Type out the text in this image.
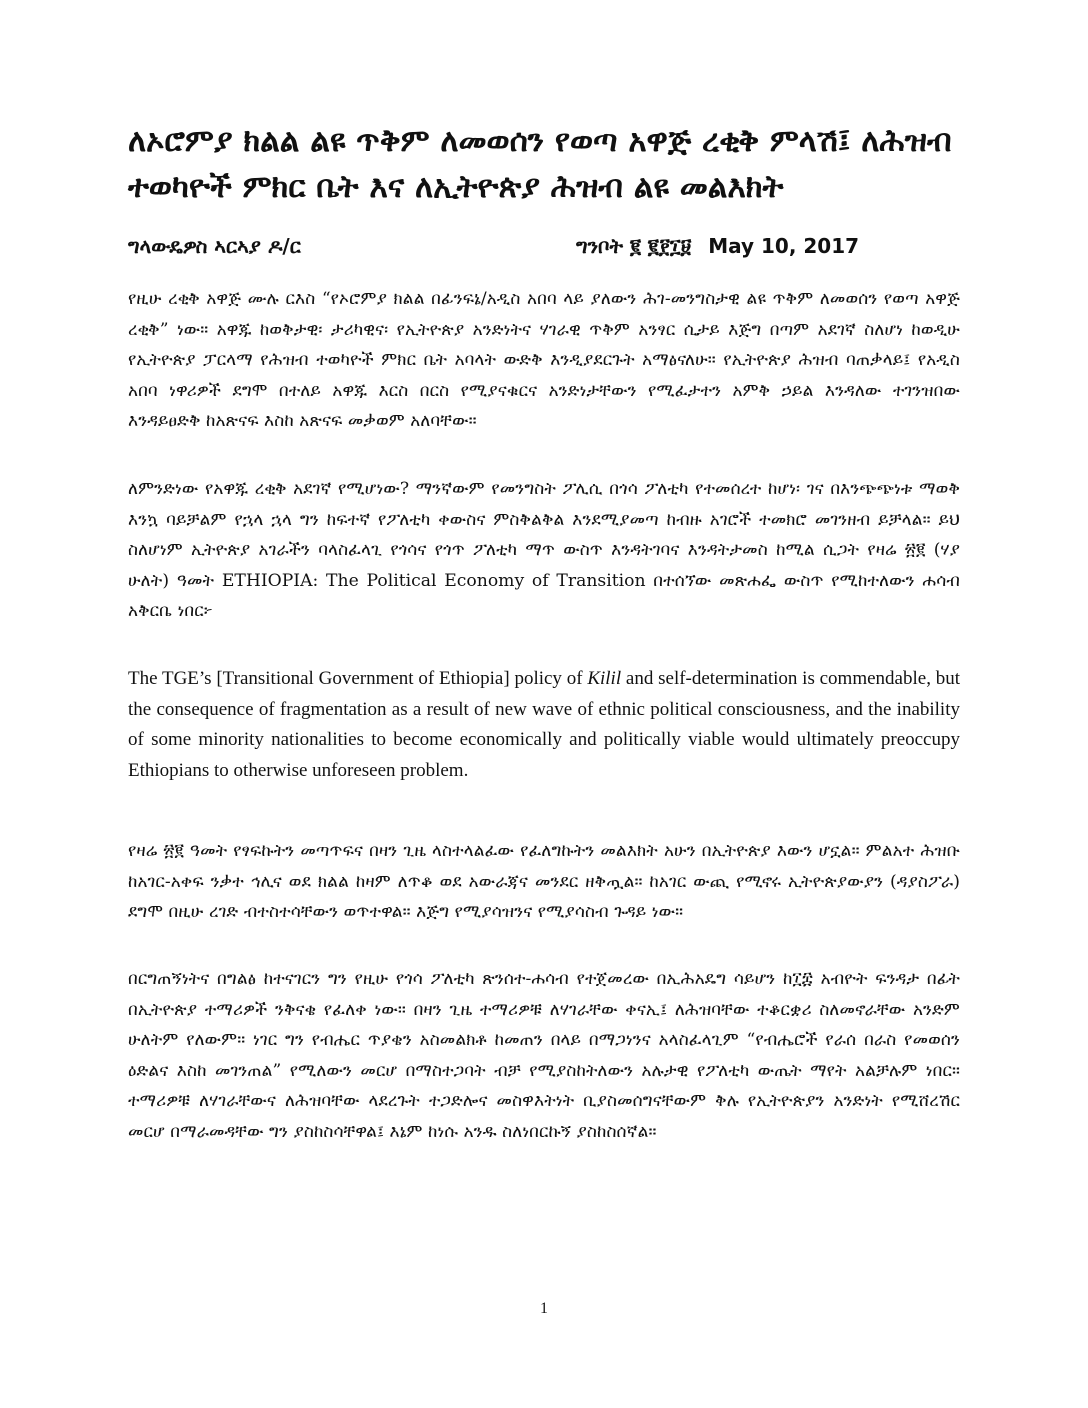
ለኦሮምያ ክልል ልዩ ጥቅም ለመወሰን የወጣ አዋጅ ረቂቅ ምላሽ፤ ለሕዝብ ተወካዮች ምክር ቤት እና ለኢትዮጵያ ሕዝብ ልዩ መልእክት
ግላውዴዎስ ኣርኣያ ዶ/ር	ግንቦት ፪ ፪፻፲፱ May 10, 2017

የዚሁ ረቂቅ አዋጅ ሙሉ ርእስ “የኦሮምያ ክልል በፊንፍኔ/አዲስ አበባ ላይ ያለውን ሕገ-መንግስታዊ ልዩ ጥቅም ለመወሰን የወጣ አዋጅ ረቂቅ” ነው። አዋጁ ከወቅታዊ፡ ታሪካዊና፡ የኢትዮጵያ አንድነትና ሃገራዊ ጥቅም አንፃር ሲታይ እጅግ በጣም አደገኛ ስለሆነ ከወዲሁ የኢትዮጵያ ፓርላማ የሕዝብ ተወካዮች ምክር ቤት አባላት ውድቅ እንዲያደርጉት አማፅናለሁ። የኢትዮጵያ ሕዝብ ባጠቃላይ፤ የአዲስ አበባ ነዋሪዎች ደግሞ በተለይ አዋጁ እርስ በርስ የሚያናቁርና አንድነታቸውን የሚፈታተን አምቅ ኃይል እንዳለው ተገንዝበው እንዳይፀድቅ ከአጽናፍ እስከ አጽናፍ መቃወም አለባቸው።

ለምንድነው የአዋጁ ረቂቅ አደገኛ የሚሆነው? ማንኛውም የመንግስት ፖሊሲ በጎሳ ፖለቲካ የተመሰረተ ከሆነ፡ ገና በእንጭጭነቱ ማወቅ እንኳ ባይቻልም የኋላ ኋላ ግን ከፍተኛ የፖለቲካ ቀውስና ምስቅልቅል እንደሚያመጣ ከብዙ አገሮች ተመክሮ መገንዘብ ይቻላል። ይህ ስለሆነም ኢትዮጵያ አገራችን ባላስፈላጊ የጎሳና የጎጥ ፖለቲካ ማጥ ውስጥ እንዳትገባና እንዳትታመስ ከሚል ሲጋት የዛሬ ፳፪ (ሃያ ሁለት) ዓመት ETHIOPIA: The Political Economy of Transition በተሰኘው መጽሐፌ ውስጥ የሚከተለውን ሐሳብ አቅርቤ ነበር፦

The TGE’s [Transitional Government of Ethiopia] policy of Kilil and self-determination is commendable, but the consequence of fragmentation as a result of new wave of ethnic political consciousness, and the inability of some minority nationalities to become economically and politically viable would ultimately preoccupy Ethiopians to otherwise unforeseen problem.

የዛሬ ፳፪ ዓመት የፃፍኩትን መጣጥፍና በዛን ጊዜ ላስተላልፈው የፈለግኩትን መልእክት አሁን በኢትዮጵያ እውን ሆኗል። ምልአተ ሕዝቡ ከአገር-አቀፍ ንቃተ ኅሊና ወደ ክልል ከዛም ለጥቆ ወደ አውራጃና መንደር ዘቅጧል። ከአገር ውጪ የሚኖሩ ኢትዮጵያውያን (ዳያስፖራ) ደግሞ በዚሁ ረገድ ብተስተሳቸውን ወጥተዋል። እጅግ የሚያሳዝንና የሚያሳስብ ጉዳይ ነው።

በርግጠኝነትና በግልፅ ከተናገርን ግን የዚሁ የጎሳ ፖለቲካ ጽንሰተ-ሐሳብ የተጀመረው በኢሕአዴግ ሳይሆን ከ፲፰ አብዮት ፍንዳታ በፊት በኢትዮጵያ ተማሪዎች ንቅናቄ የፈለቀ ነው። በዛን ጊዜ ተማሪዎቹ ለሃገራቸው ቀናኢ፤ ለሕዝባቸው ተቆርቋሪ ስለመኖራቸው አንድም ሁለትም የለውም። ነገር ግን የብሔር ጥያቄን አስመልክቶ ከመጠን በላይ በማጋነንና አላስፈላጊም “የብሔሮች የራሰ በራስ የመወሰን ዕድልና እስከ መገንጠል” የሚለውን መርሆ በማስተጋባት ብቻ የሚያስከትለውን አሉታዊ የፖለቲካ ውጤት ማየት አልቻሉም ነበር። ተማሪዎቹ ለሃገራቸውና ለሕዝባቸው ላደረጉት ተጋድሎና መስዋእትነት ቢያስመሰግናቸውም ቅሉ የኢትዮጵያን አንድነት የሚሸረሽር መርሆ በማራመዳቸው ግን ያስከስሳቸዋል፤ እኔም ከነሱ አንዱ ስለነበርኩኝ ያስከስሰኛል።

1
